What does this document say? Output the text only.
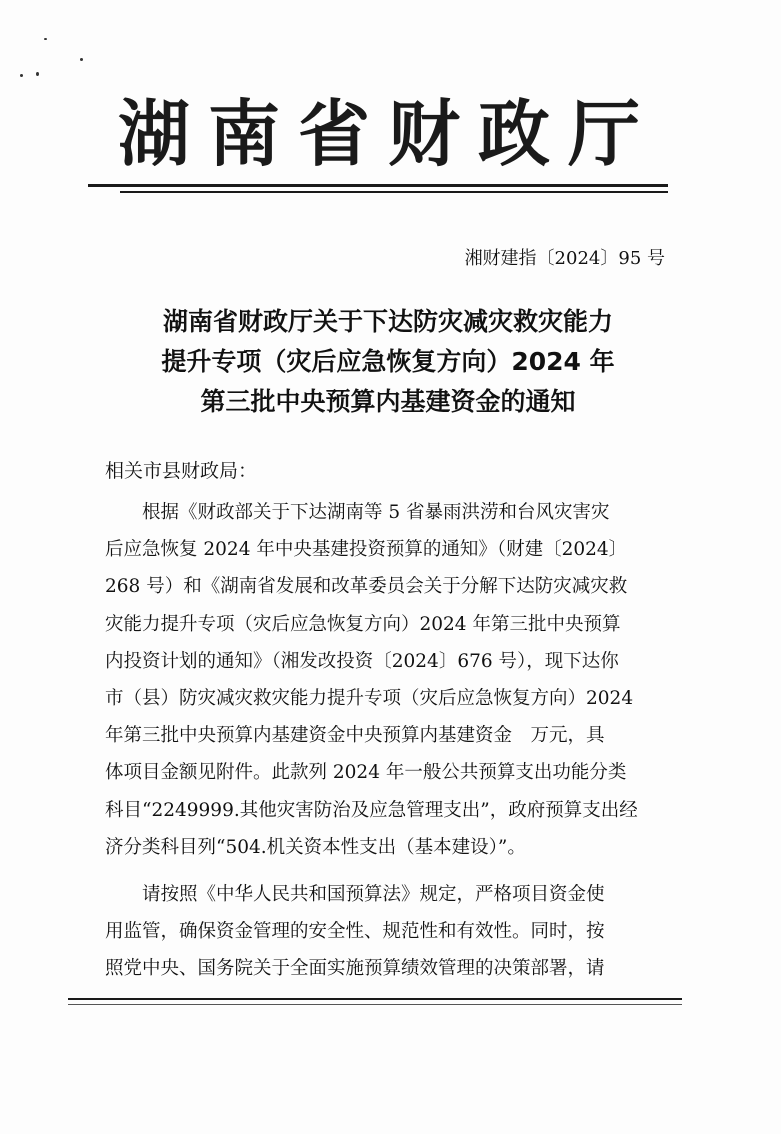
湖南省财政厅
湘财建指〔2024〕95 号
湖南省财政厅关于下达防灾减灾救灾能力
提升专项（灾后应急恢复方向）2024 年
第三批中央预算内基建资金的通知
相关市县财政局：
　　根据《财政部关于下达湖南等 5 省暴雨洪涝和台风灾害灾
后应急恢复 2024 年中央基建投资预算的通知》（财建〔2024〕
268 号）和《湖南省发展和改革委员会关于分解下达防灾减灾救
灾能力提升专项（灾后应急恢复方向）2024 年第三批中央预算
内投资计划的通知》（湘发改投资〔2024〕676 号），现下达你
市（县）防灾减灾救灾能力提升专项（灾后应急恢复方向）2024
年第三批中央预算内基建资金中央预算内基建资金　万元，具
体项目金额见附件。此款列 2024 年一般公共预算支出功能分类
科目“2249999.其他灾害防治及应急管理支出”，政府预算支出经
济分类科目列“504.机关资本性支出（基本建设）”。
　　请按照《中华人民共和国预算法》规定，严格项目资金使
用监管，确保资金管理的安全性、规范性和有效性。同时，按
照党中央、国务院关于全面实施预算绩效管理的决策部署，请
